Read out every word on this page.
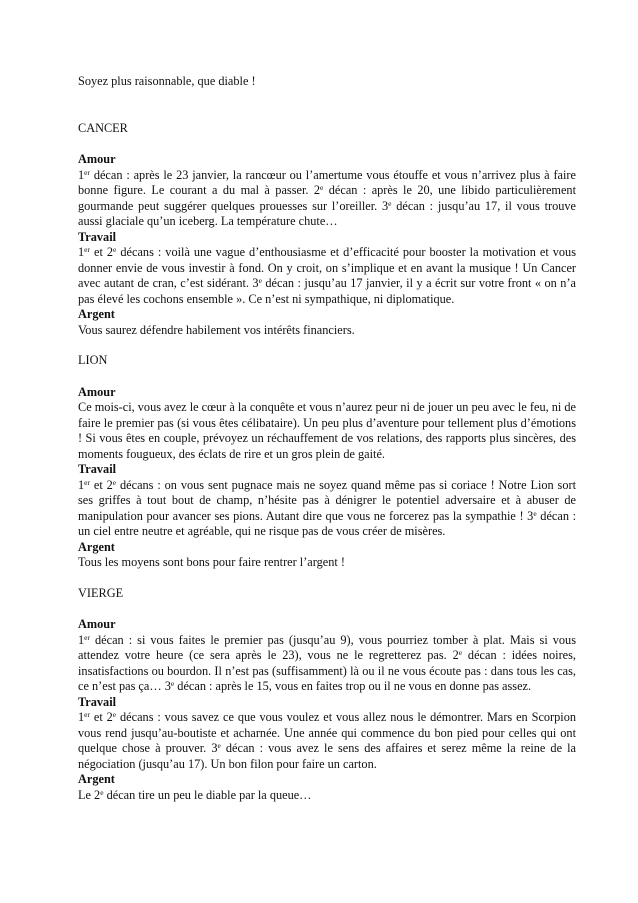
Soyez plus raisonnable, que diable !

CANCER

Amour

1er décan : après le 23 janvier, la rancœur ou l’amertume vous étouffe et vous n’arrivez plus à faire bonne figure. Le courant a du mal à passer. 2e décan : après le 20, une libido particulièrement gourmande peut suggérer quelques prouesses sur l’oreiller. 3e décan : jusqu’au 17, il vous trouve aussi glaciale qu’un iceberg. La température chute…

Travail

1er et 2e décans : voilà une vague d’enthousiasme et d’efficacité pour booster la motivation et vous donner envie de vous investir à fond. On y croit, on s’implique et en avant la musique ! Un Cancer avec autant de cran, c’est sidérant. 3e décan : jusqu’au 17 janvier, il y a écrit sur votre front « on n’a pas élevé les cochons ensemble ». Ce n’est ni sympathique, ni diplomatique.

Argent

Vous saurez défendre habilement vos intérêts financiers.

LION

Amour

Ce mois-ci, vous avez le cœur à la conquête et vous n’aurez peur ni de jouer un peu avec le feu, ni de faire le premier pas (si vous êtes célibataire). Un peu plus d’aventure pour tellement plus d’émotions ! Si vous êtes en couple, prévoyez un réchauffement de vos relations, des rapports plus sincères, des moments fougueux, des éclats de rire et un gros plein de gaité.

Travail

1er et 2e décans : on vous sent pugnace mais ne soyez quand même pas si coriace ! Notre Lion sort ses griffes à tout bout de champ, n’hésite pas à dénigrer le potentiel adversaire et à abuser de manipulation pour avancer ses pions. Autant dire que vous ne forcerez pas la sympathie ! 3e décan : un ciel entre neutre et agréable, qui ne risque pas de vous créer de misères.

Argent

Tous les moyens sont bons pour faire rentrer l’argent !

VIERGE

Amour

1er décan : si vous faites le premier pas (jusqu’au 9), vous pourriez tomber à plat. Mais si vous attendez votre heure (ce sera après le 23), vous ne le regretterez pas. 2e décan : idées noires, insatisfactions ou bourdon. Il n’est pas (suffisamment) là ou il ne vous écoute pas : dans tous les cas, ce n’est pas ça… 3e décan : après le 15, vous en faites trop ou il ne vous en donne pas assez.

Travail

1er et 2e décans : vous savez ce que vous voulez et vous allez nous le démontrer. Mars en Scorpion vous rend jusqu’au-boutiste et acharnée. Une année qui commence du bon pied pour celles qui ont quelque chose à prouver. 3e décan : vous avez le sens des affaires et serez même la reine de la négociation (jusqu’au 17). Un bon filon pour faire un carton.

Argent

Le 2e décan tire un peu le diable par la queue…
